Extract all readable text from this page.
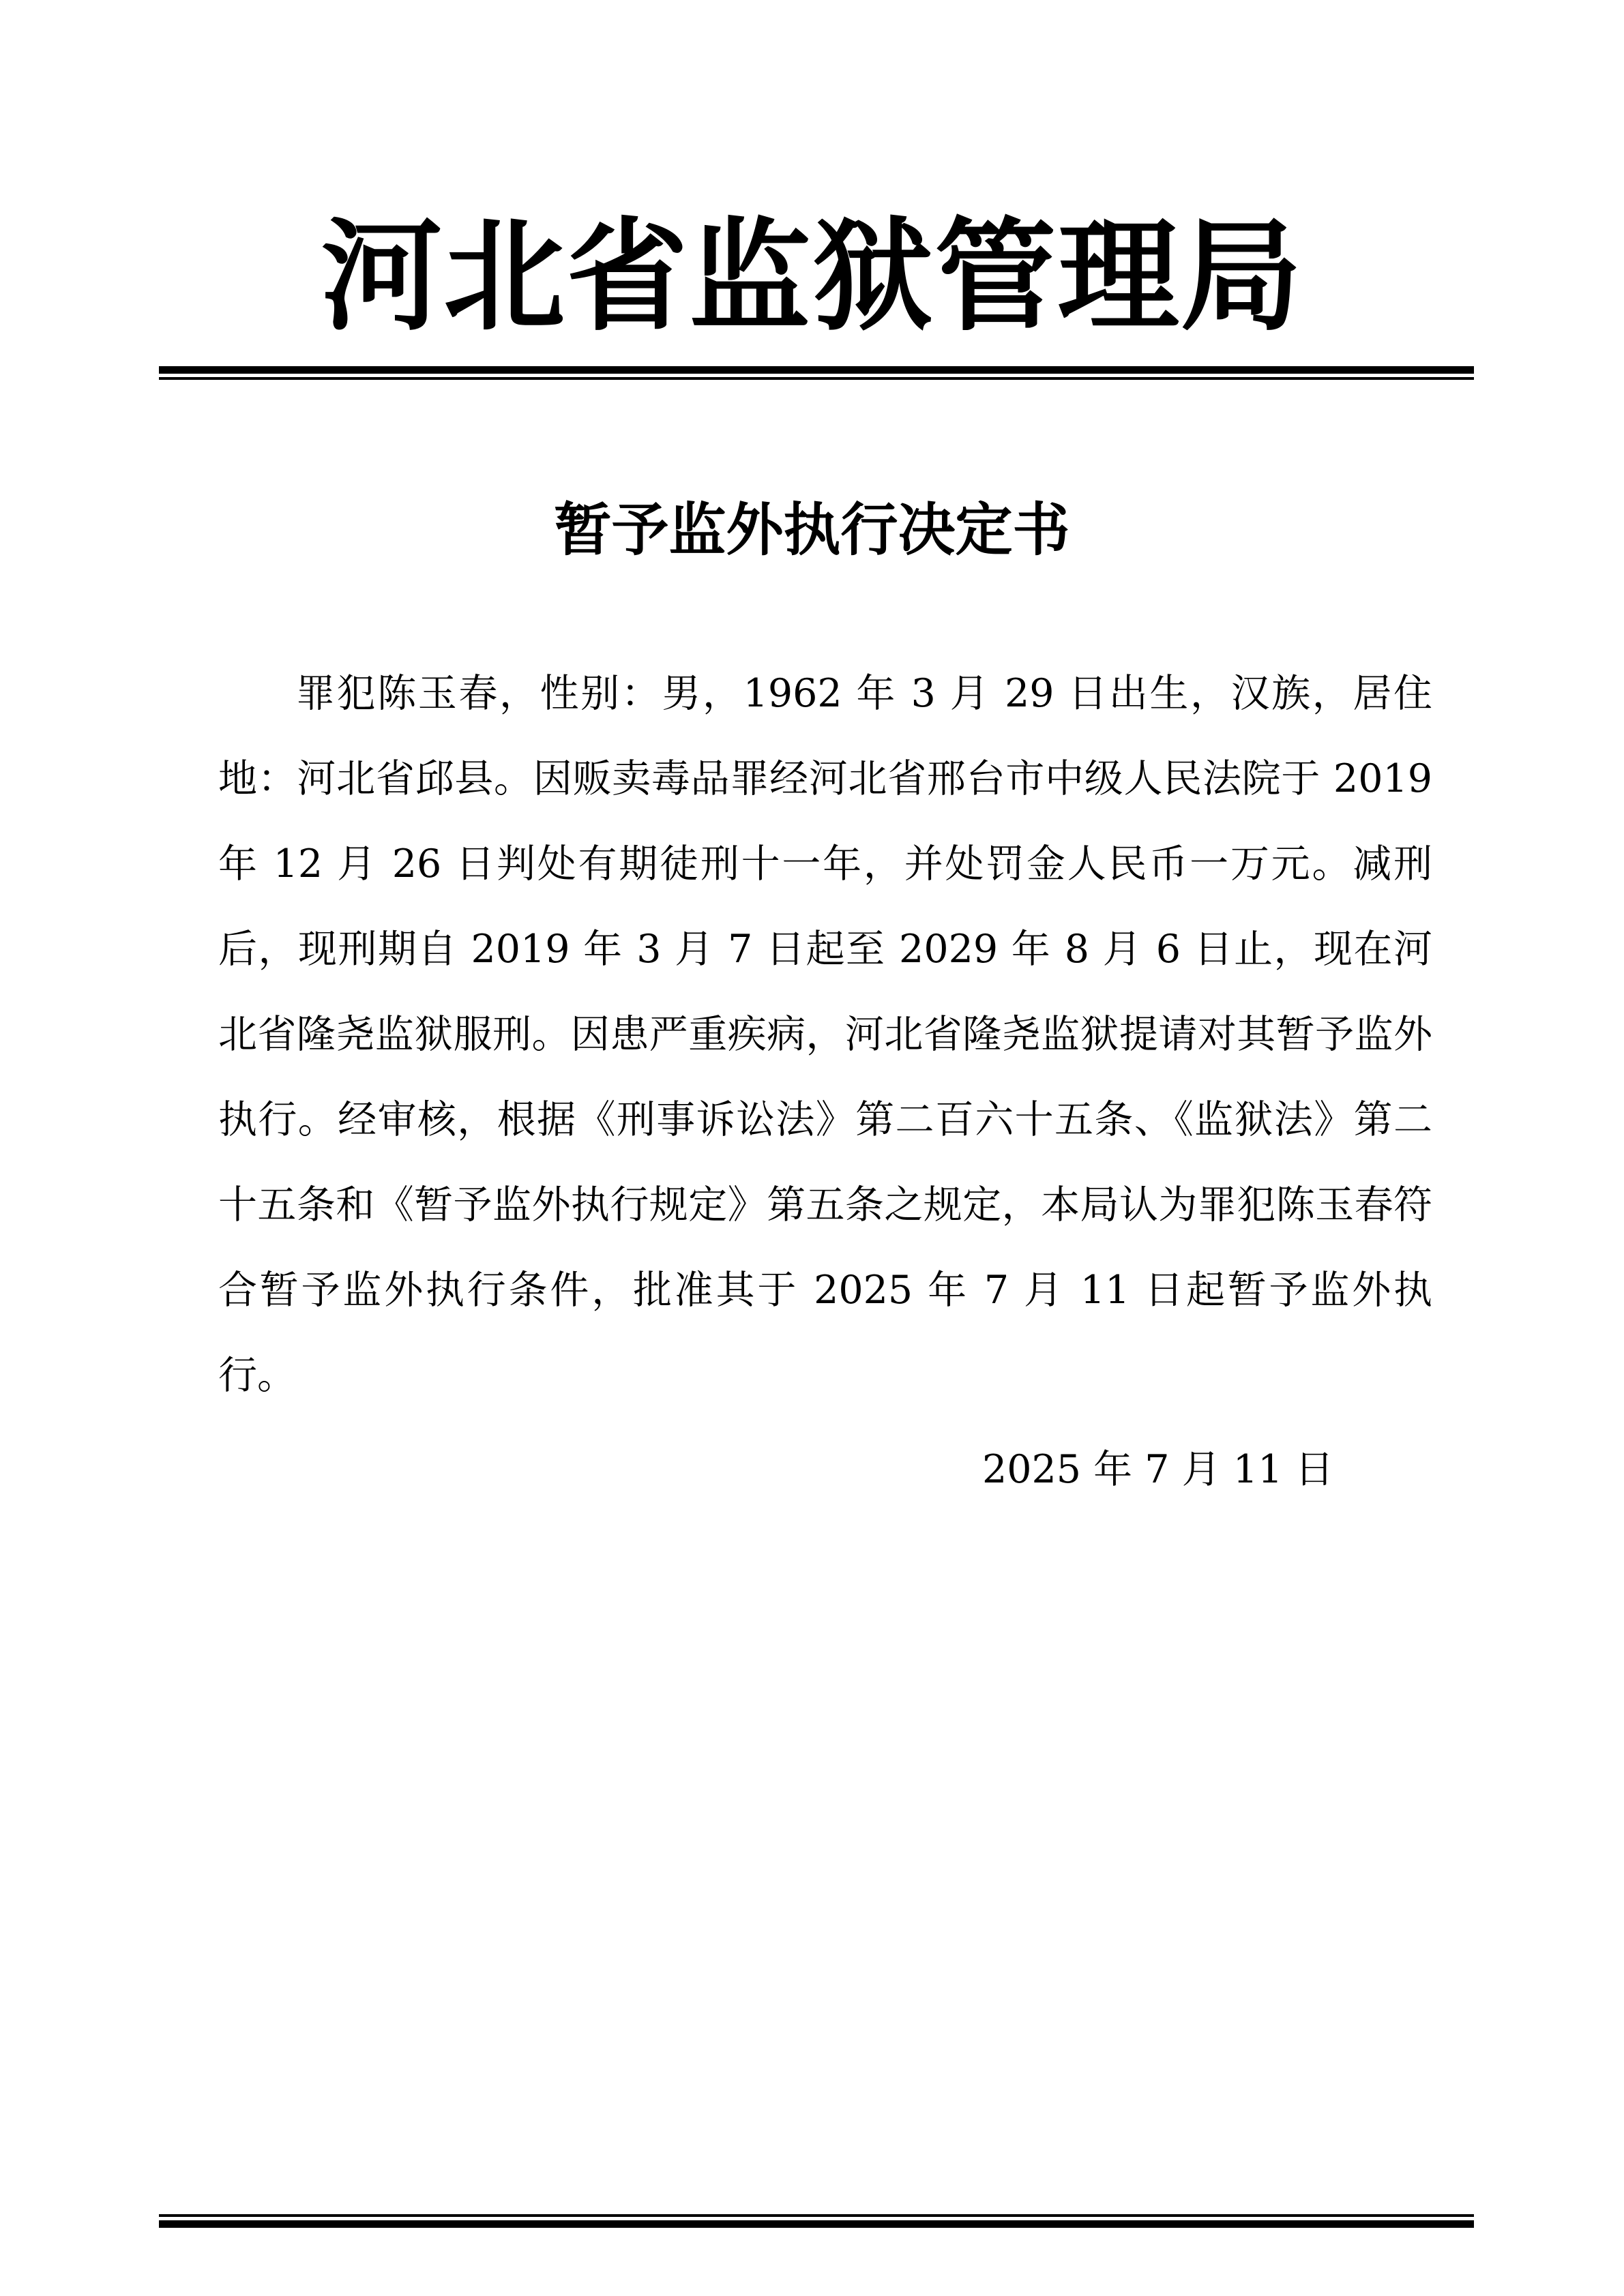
河北省监狱管理局
暂予监外执行决定书

罪犯陈玉春，性别：男，1962 年 3 月 29 日出生，汉族，居住地：河北省邱县。因贩卖毒品罪经河北省邢台市中级人民法院于 2019 年 12 月 26 日判处有期徒刑十一年，并处罚金人民币一万元。减刑后，现刑期自 2019 年 3 月 7 日起至 2029 年 8 月 6 日止，现在河北省隆尧监狱服刑。因患严重疾病，河北省隆尧监狱提请对其暂予监外执行。经审核，根据《刑事诉讼法》第二百六十五条、《监狱法》第二十五条和《暂予监外执行规定》第五条之规定，本局认为罪犯陈玉春符合暂予监外执行条件，批准其于 2025 年 7 月 11 日起暂予监外执行。

2025 年 7 月 11 日
